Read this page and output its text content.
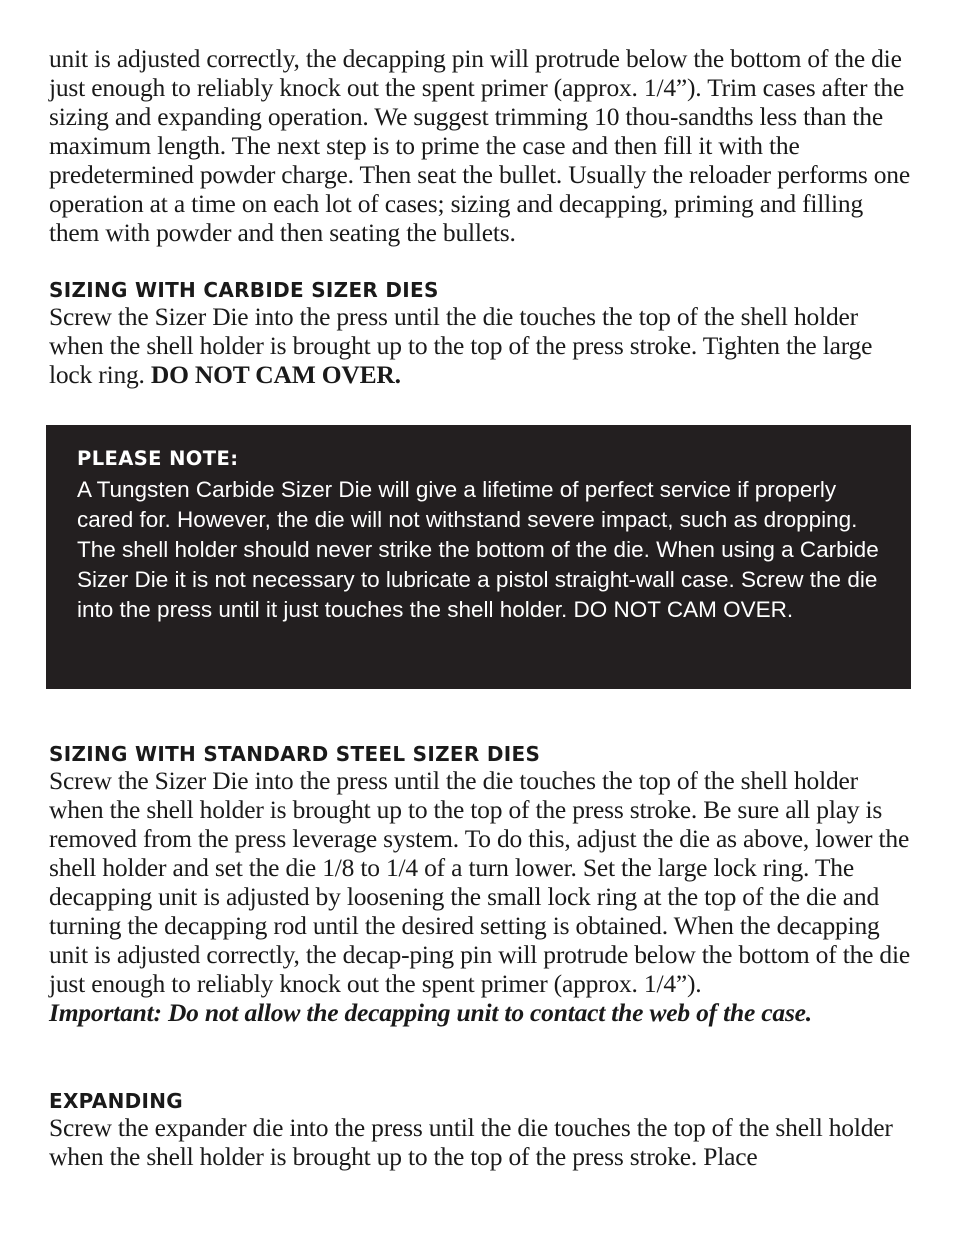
unit is adjusted correctly, the decapping pin will protrude below the bottom of the die just enough to reliably knock out the spent primer (approx. 1/4”). Trim cases after the sizing and expanding operation. We suggest trimming 10 thou-sandths less than the maximum length. The next step is to prime the case and then fill it with the predetermined powder charge. Then seat the bullet. Usually the reloader performs one operation at a time on each lot of cases; sizing and decapping, priming and filling them with powder and then seating the bullets.

SIZING WITH CARBIDE SIZER DIES

Screw the Sizer Die into the press until the die touches the top of the shell holder when the shell holder is brought up to the top of the press stroke. Tighten the large lock ring. DO NOT CAM OVER.

PLEASE NOTE:

A Tungsten Carbide Sizer Die will give a lifetime of perfect service if properly cared for. However, the die will not withstand severe impact, such as dropping. The shell holder should never strike the bottom of the die. When using a Carbide Sizer Die it is not necessary to lubricate a pistol straight-wall case. Screw the die into the press until it just touches the shell holder. DO NOT CAM OVER.

SIZING WITH STANDARD STEEL SIZER DIES

Screw the Sizer Die into the press until the die touches the top of the shell holder when the shell holder is brought up to the top of the press stroke. Be sure all play is removed from the press leverage system. To do this, adjust the die as above, lower the shell holder and set the die 1/8 to 1/4 of a turn lower. Set the large lock ring. The decapping unit is adjusted by loosening the small lock ring at the top of the die and turning the decapping rod until the desired setting is obtained. When the decapping unit is adjusted correctly, the decap-ping pin will protrude below the bottom of the die just enough to reliably knock out the spent primer (approx. 1/4”).

Important: Do not allow the decapping unit to contact the web of the case.

EXPANDING

Screw the expander die into the press until the die touches the top of the shell holder when the shell holder is brought up to the top of the press stroke. Place
